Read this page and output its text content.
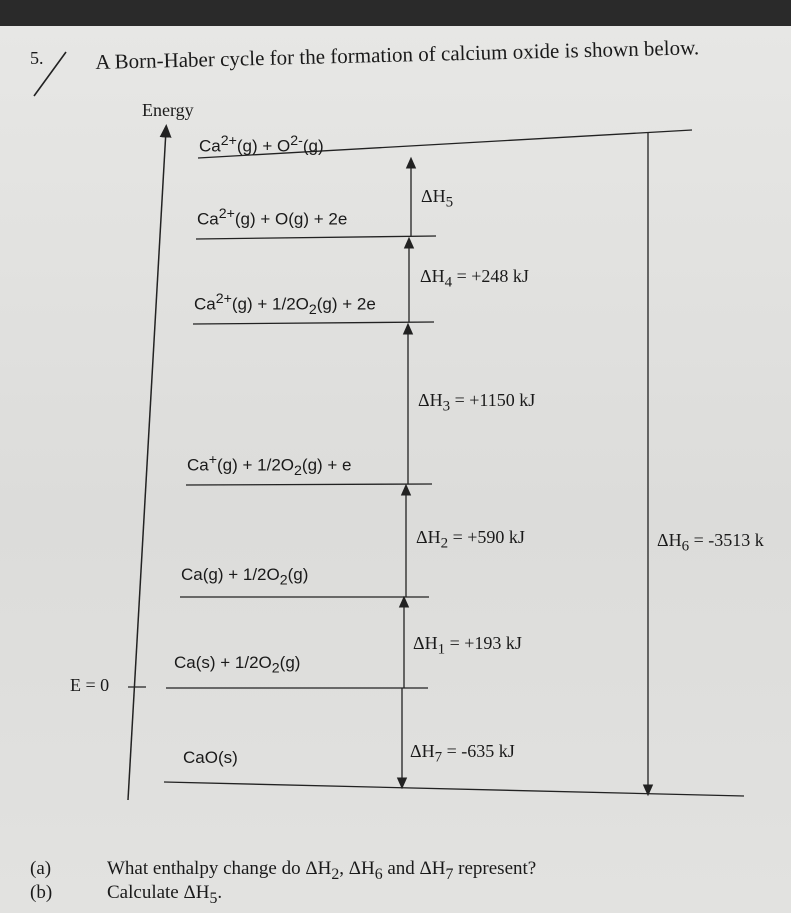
5. A Born-Haber cycle for the formation of calcium oxide is shown below.
Energy
E = 0
$Ca^{2+}(g) + O^{2-}(g)$
$Ca^{2+}(g) + O(g) + 2e$
$Ca^{2+}(g) + 1/2O_2(g) + 2e$
$Ca^+(g) + 1/2O_2(g) + e$
$Ca(g) + 1/2O_2(g)$
$Ca(s) + 1/2O_2(g)$
CaO(s)
$\Delta H_5$
$\Delta H_4 = +248$ kJ
$\Delta H_3 = +1150$ kJ
$\Delta H_2 = +590$ kJ	$\Delta H_6 = -3513$ k
$\Delta H_1 = +193$ kJ
$\Delta H_7 = -635$ kJ
(a)	What enthalpy change do $\Delta H_2$, $\Delta H_6$ and $\Delta H_7$ represent?
(b)	Calculate $\Delta H_5$.
